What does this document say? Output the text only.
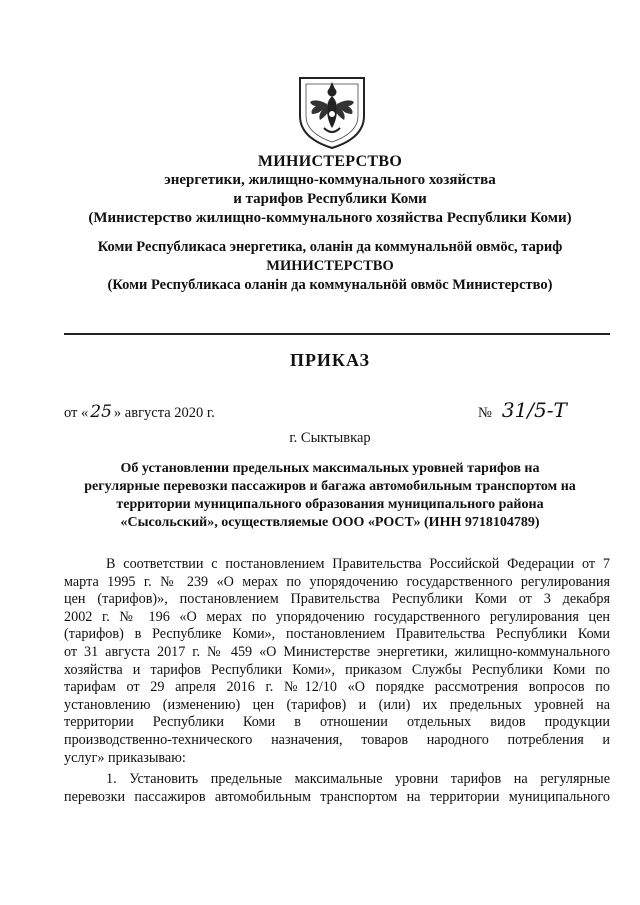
МИНИСТЕРСТВО
энергетики, жилищно-коммунального хозяйства
и тарифов Республики Коми
(Министерство жилищно-коммунального хозяйства Республики Коми)
Коми Республикаса энергетика, оланін да коммунальнӧй овмӧс, тариф
МИНИСТЕРСТВО
(Коми Республикаса оланін да коммунальнӧй овмӧс Министерство)
ПРИКАЗ
от « 25 » августа 2020 г.	№ 31/5-Т
г. Сыктывкар
Об установлении предельных максимальных уровней тарифов на
регулярные перевозки пассажиров и багажа автомобильным транспортом на
территории муниципального образования муниципального района
«Сысольский», осуществляемые ООО «РОСТ» (ИНН 9718104789)
В соответствии с постановлением Правительства Российской Федерации от 7
марта 1995 г. № 239 «О мерах по упорядочению государственного регулирования
цен (тарифов)», постановлением Правительства Республики Коми от 3 декабря
2002 г. № 196 «О мерах по упорядочению государственного регулирования цен
(тарифов) в Республике Коми», постановлением Правительства Республики Коми
от 31 августа 2017 г. № 459 «О Министерстве энергетики, жилищно-коммунального
хозяйства и тарифов Республики Коми», приказом Службы Республики Коми по
тарифам от 29 апреля 2016 г. №12/10 «О порядке рассмотрения вопросов по
установлению (изменению) цен (тарифов) и (или) их предельных уровней на
территории Республики Коми в отношении отдельных видов продукции
производственно-технического назначения, товаров народного потребления и
услуг» приказываю:
1. Установить предельные максимальные уровни тарифов на регулярные
перевозки пассажиров автомобильным транспортом на территории муниципального
